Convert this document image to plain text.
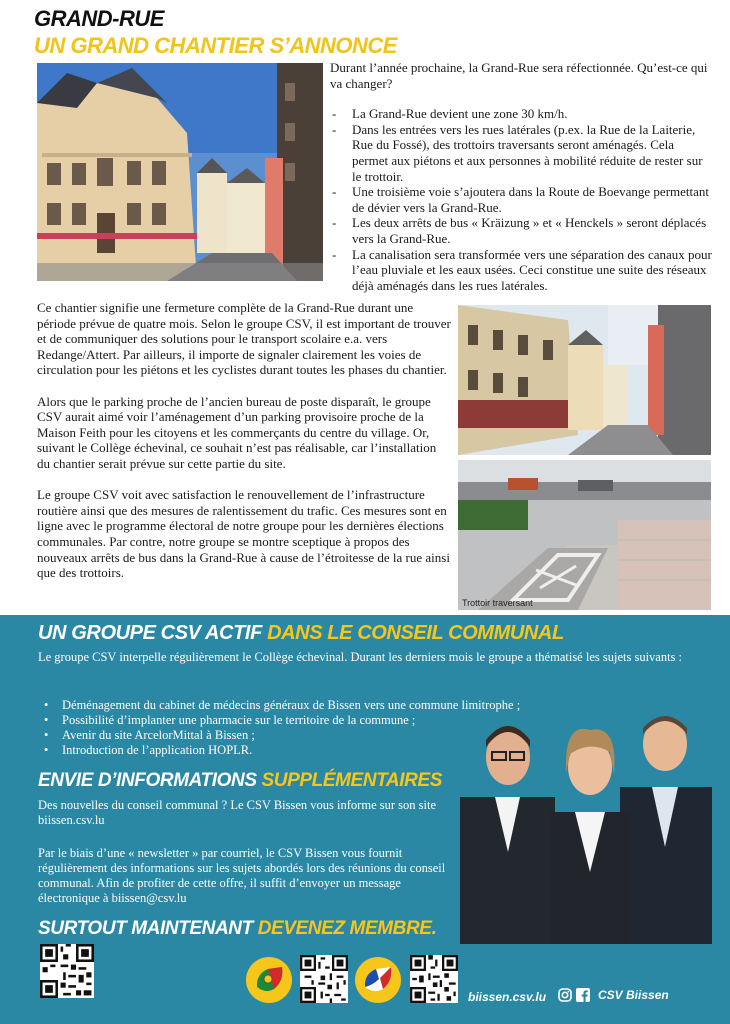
GRAND-RUE
UN GRAND CHANTIER S’ANNONCE

Durant l’année prochaine, la Grand-Rue sera réfectionnée. Qu’est-ce qui va changer?

- La Grand-Rue devient une zone 30 km/h.
- Dans les entrées vers les rues latérales (p.ex. la Rue de la Laiterie, Rue du Fossé), des trottoirs traversants seront aménagés. Cela permet aux piétons et aux personnes à mobilité réduite de rester sur le trottoir.
- Une troisième voie s’ajoutera dans la Route de Boevange permettant de dévier vers la Grand-Rue.
- Les deux arrêts de bus « Kräizung » et « Henckels » seront déplacés vers la Grand-Rue.
- La canalisation sera transformée vers une séparation des canaux pour l’eau pluviale et les eaux usées. Ceci constitue une suite des réseaux déjà aménagés dans les rues latérales.

Ce chantier signifie une fermeture complète de la Grand-Rue durant une période prévue de quatre mois. Selon le groupe CSV, il est important de trouver et de communiquer des solutions pour le transport scolaire e.a. vers Redange/Attert. Par ailleurs, il importe de signaler clairement les voies de circulation pour les piétons et les cyclistes durant toutes les phases du chantier.

Alors que le parking proche de l’ancien bureau de poste disparaît, le groupe CSV aurait aimé voir l’aménagement d’un parking provisoire proche de la Maison Feith pour les citoyens et les commerçants du centre du village. Or, suivant le Collège échevinal, ce souhait n’est pas réalisable, car l’installation du chantier serait prévue sur cette partie du site.

Le groupe CSV voit avec satisfaction le renouvellement de l’infrastructure routière ainsi que des mesures de ralentissement du trafic. Ces mesures sont en ligne avec le programme électoral de notre groupe pour les dernières élections communales. Par contre, notre groupe se montre sceptique à propos des nouveaux arrêts de bus dans la Grand-Rue à cause de l’étroitesse de la rue ainsi que des trottoirs.

Trottoir traversant
UN GROUPE CSV ACTIF DANS LE CONSEIL COMMUNAL
Le groupe CSV interpelle régulièrement le Collège échevinal. Durant les derniers mois le groupe a thématisé les sujets suivants :
• Déménagement du cabinet de médecins généraux de Bissen vers une commune limitrophe ;
• Possibilité d’implanter une pharmacie sur le territoire de la commune ;
• Avenir du site ArcelorMittal à Bissen ;
• Introduction de l’application HOPLR.
ENVIE D’INFORMATIONS SUPPLÉMENTAIRES
Des nouvelles du conseil communal ? Le CSV Bissen vous informe sur son site biissen.csv.lu
Par le biais d’une « newsletter » par courriel, le CSV Bissen vous fournit régulièrement des informations sur les sujets abordés lors des réunions du conseil communal. Afin de profiter de cette offre, il suffit d’envoyer un message électronique à biissen@csv.lu
SURTOUT MAINTENANT DEVENEZ MEMBRE.
biissen.csv.lu	CSV Biissen
